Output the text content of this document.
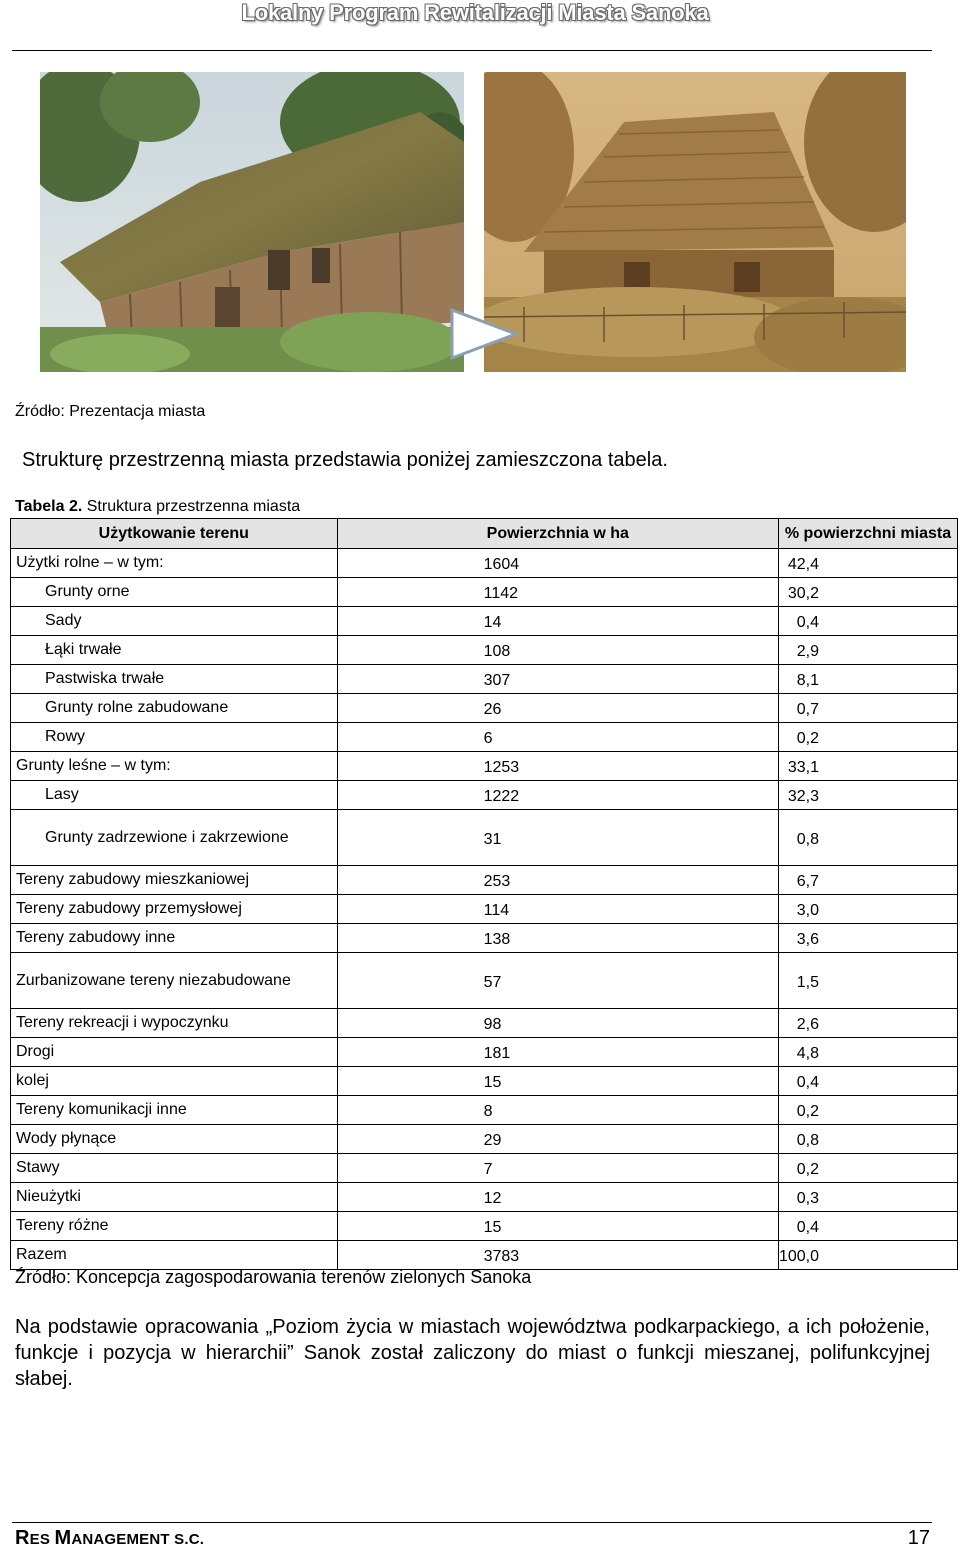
Lokalny Program Rewitalizacji Miasta Sanoka
Źródło: Prezentacja miasta
Strukturę przestrzenną miasta przedstawia poniżej zamieszczona tabela.
Tabela 2. Struktura przestrzenna miasta
Użytkowanie terenu	Powierzchnia w ha	% powierzchni miasta

Użytki rolne – w tym:	1604	42,4

Grunty orne	1142	30,2

Sady	14	0,4

Łąki trwałe	108	2,9

Pastwiska trwałe	307	8,1

Grunty rolne zabudowane	26	0,7

Rowy	6	0,2

Grunty leśne – w tym:	1253	33,1

Lasy	1222	32,3

Grunty zadrzewione i zakrzewione	31	0,8

Tereny zabudowy mieszkaniowej	253	6,7

Tereny zabudowy przemysłowej	114	3,0

Tereny zabudowy inne	138	3,6

Zurbanizowane tereny niezabudowane	57	1,5

Tereny rekreacji i wypoczynku	98	2,6

Drogi	181	4,8

kolej	15	0,4

Tereny komunikacji inne	8	0,2

Wody płynące	29	0,8

Stawy	7	0,2

Nieużytki	12	0,3

Tereny różne	15	0,4

Razem	3783	100,0
Źródło: Koncepcja zagospodarowania terenów zielonych Sanoka
Na podstawie opracowania „Poziom życia w miastach województwa podkarpackiego, a ich położenie, funkcje i pozycja w hierarchii” Sanok został zaliczony do miast o funkcji mieszanej, polifunkcyjnej słabej.
RES MANAGEMENT S.C.	17
